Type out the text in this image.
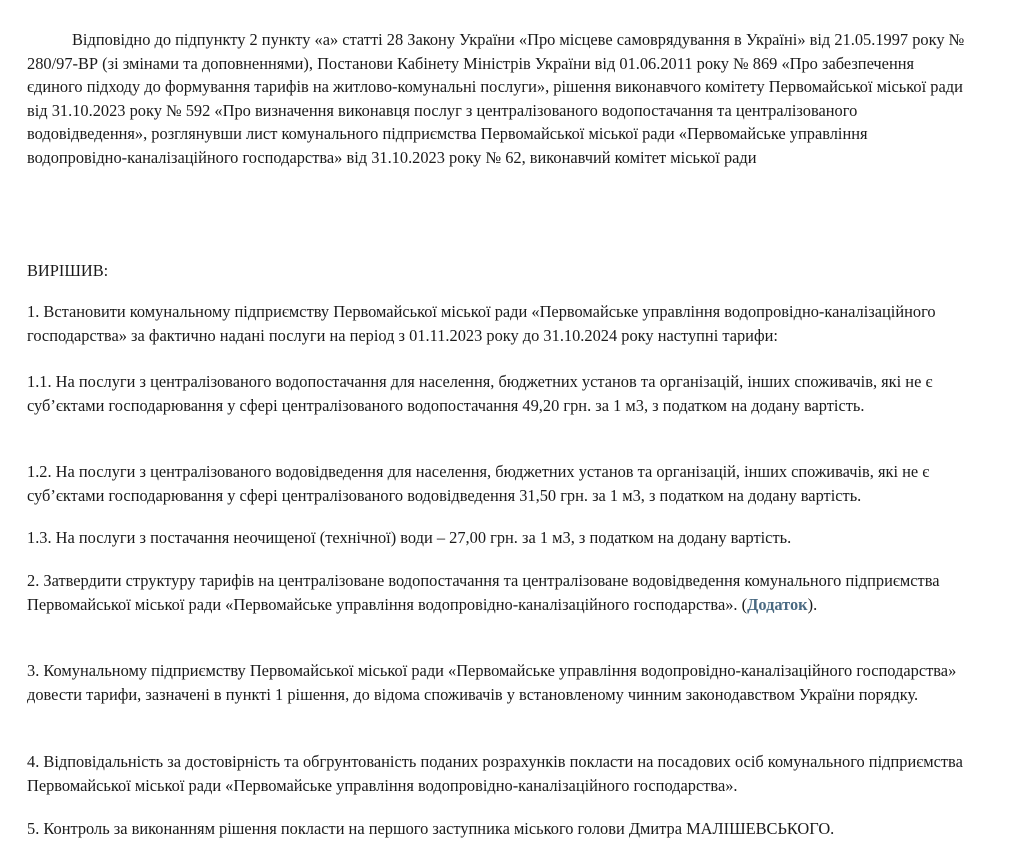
Відповідно до підпункту 2 пункту «а» статті 28 Закону України «Про місцеве самоврядування в Україні» від 21.05.1997 року № 280/97-ВР (зі змінами та доповненнями), Постанови Кабінету Міністрів України від 01.06.2011 року № 869 «Про забезпечення єдиного підходу до формування тарифів на житлово-комунальні послуги», рішення виконавчого комітету Первомайської міської ради від 31.10.2023 року № 592 «Про визначення виконавця послуг з централізованого водопостачання та централізованого водовідведення», розглянувши лист комунального підприємства Первомайської міської ради «Первомайське управління водопровідно-каналізаційного господарства» від 31.10.2023 року № 62, виконавчий комітет міської ради

ВИРІШИВ:

1. Встановити комунальному підприємству Первомайської міської ради «Первомайське управління водопровідно-каналізаційного господарства» за фактично надані послуги на період з 01.11.2023 року до 31.10.2024 року наступні тарифи:

1.1. На послуги з централізованого водопостачання для населення, бюджетних установ та організацій, інших споживачів, які не є суб’єктами господарювання у сфері централізованого водопостачання 49,20 грн. за 1 м3, з податком на додану вартість.

1.2. На послуги з централізованого водовідведення для населення, бюджетних установ та організацій, інших споживачів, які не є суб’єктами господарювання у сфері централізованого водовідведення 31,50 грн. за 1 м3, з податком на додану вартість.

1.3. На послуги з постачання неочищеної (технічної) води – 27,00 грн. за 1 м3, з податком на додану вартість.

2. Затвердити структуру тарифів на централізоване водопостачання та централізоване водовідведення комунального підприємства Первомайської міської ради «Первомайське управління водопровідно-каналізаційного господарства». (Додаток).

3. Комунальному підприємству Первомайської міської ради «Первомайське управління водопровідно-каналізаційного господарства» довести тарифи, зазначені в пункті 1 рішення, до відома споживачів у встановленому чинним законодавством України порядку.

4. Відповідальність за достовірність та обгрунтованість поданих розрахунків покласти на посадових осіб комунального підприємства Первомайської міської ради «Первомайське управління водопровідно-каналізаційного господарства».

5. Контроль за виконанням рішення покласти на першого заступника міського голови Дмитра МАЛІШЕВСЬКОГО.
